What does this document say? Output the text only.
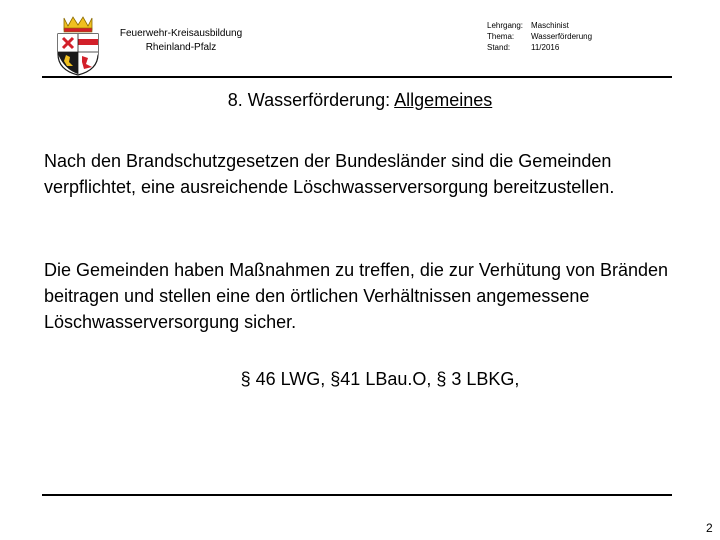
Feuerwehr-Kreisausbildung
Rheinland-Pfalz
Lehrgang: Maschinist
Thema:	Wasserförderung
Stand:	11/2016
8. Wasserförderung: Allgemeines

Nach den Brandschutzgesetzen der Bundesländer sind die Gemeinden verpflichtet, eine ausreichende Löschwasserversorgung bereitzustellen.

Die Gemeinden haben Maßnahmen zu treffen, die zur Verhütung von Bränden beitragen und stellen eine den örtlichen Verhältnissen angemessene Löschwasserversorgung sicher.

§ 46 LWG, §41 LBau.O, § 3 LBKG,
2
